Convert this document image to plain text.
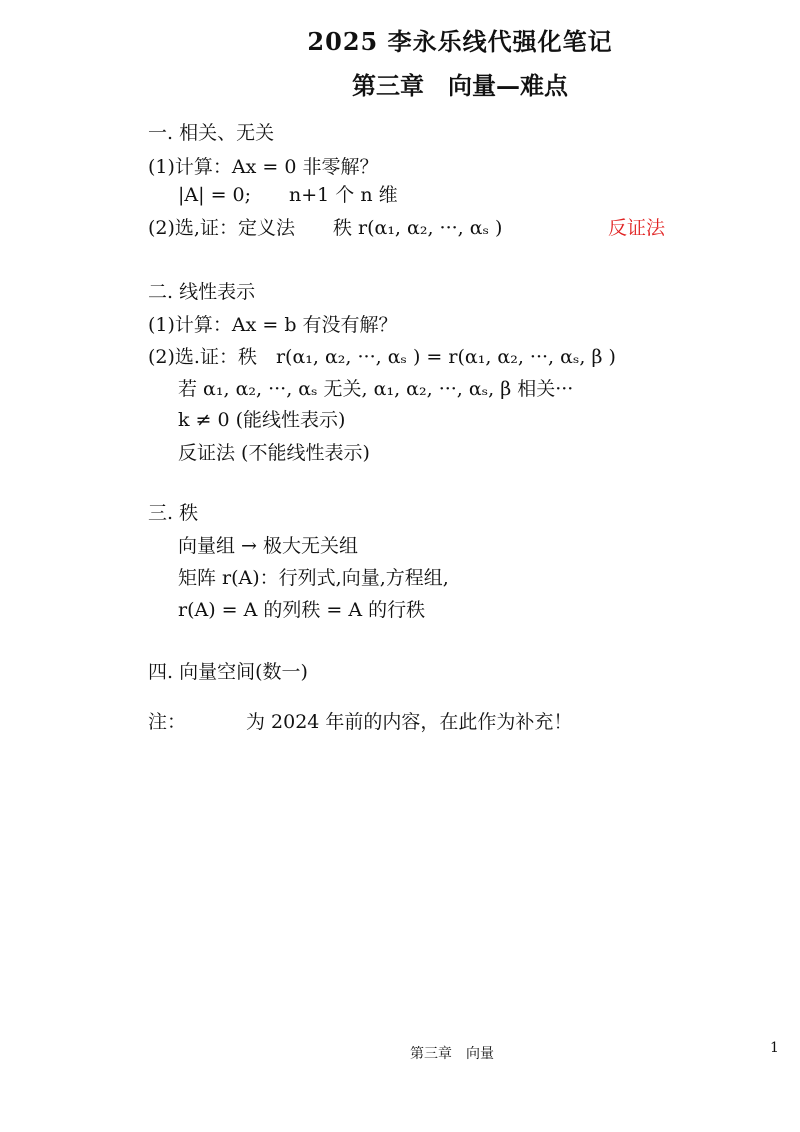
2025 李永乐线代强化笔记
第三章　向量—难点
一. 相关、无关
(1)计算：Ax = 0 非零解？
|A| = 0;　　n+1 个 n 维
(2)选,证：定义法　　秩 r(α₁, α₂, ···, αₛ )	反证法
二. 线性表示
(1)计算：Ax = b 有没有解？
(2)选.证：秩　r(α₁, α₂, ···, αₛ ) = r(α₁, α₂, ···, αₛ, β )
若 α₁, α₂, ···, αₛ 无关, α₁, α₂, ···, αₛ, β 相关···
k ≠ 0 (能线性表示)
反证法 (不能线性表示)
三. 秩
向量组 → 极大无关组
矩阵 r(A)：行列式,向量,方程组,
r(A) = A 的列秩 = A 的行秩
四. 向量空间(数一)
注：	为 2024 年前的内容，在此作为补充！
第三章　向量	1
